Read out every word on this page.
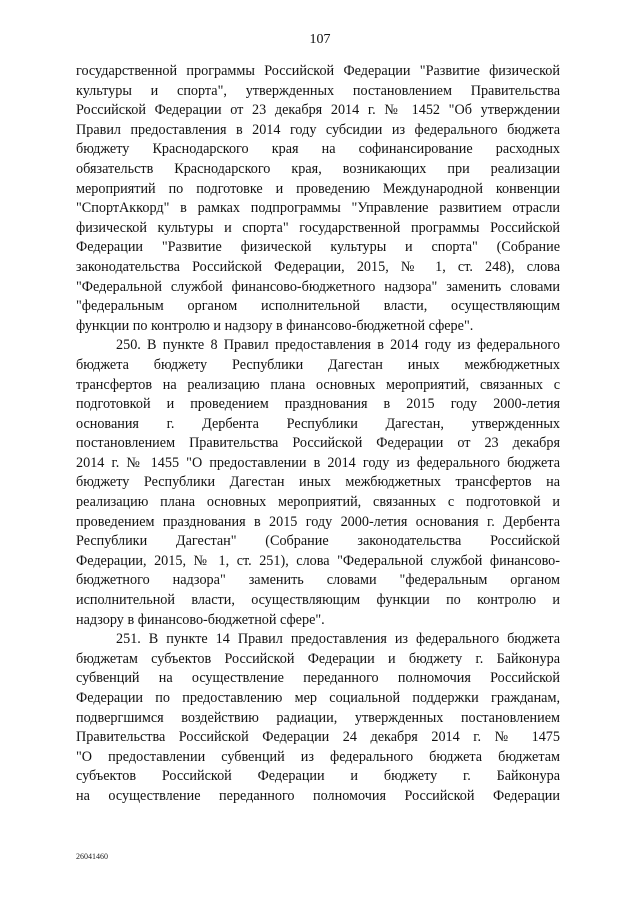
107
государственной программы Российской Федерации "Развитие физической
культуры и спорта", утвержденных постановлением Правительства
Российской Федерации от 23 декабря 2014 г. № 1452 "Об утверждении
Правил предоставления в 2014 году субсидии из федерального бюджета
бюджету Краснодарского края на софинансирование расходных
обязательств Краснодарского края, возникающих при реализации
мероприятий по подготовке и проведению Международной конвенции
"СпортАккорд" в рамках подпрограммы "Управление развитием отрасли
физической культуры и спорта" государственной программы Российской
Федерации "Развитие физической культуры и спорта" (Собрание
законодательства Российской Федерации, 2015, № 1, ст. 248), слова
"Федеральной службой финансово-бюджетного надзора" заменить словами
"федеральным органом исполнительной власти, осуществляющим
функции по контролю и надзору в финансово-бюджетной сфере".
250. В пункте 8 Правил предоставления в 2014 году из федерального
бюджета бюджету Республики Дагестан иных межбюджетных
трансфертов на реализацию плана основных мероприятий, связанных с
подготовкой и проведением празднования в 2015 году 2000-летия
основания г. Дербента Республики Дагестан, утвержденных
постановлением Правительства Российской Федерации от 23 декабря
2014 г. № 1455 "О предоставлении в 2014 году из федерального бюджета
бюджету Республики Дагестан иных межбюджетных трансфертов на
реализацию плана основных мероприятий, связанных с подготовкой и
проведением празднования в 2015 году 2000-летия основания г. Дербента
Республики Дагестан" (Собрание законодательства Российской
Федерации, 2015, № 1, ст. 251), слова "Федеральной службой финансово-
бюджетного надзора" заменить словами "федеральным органом
исполнительной власти, осуществляющим функции по контролю и
надзору в финансово-бюджетной сфере".
251. В пункте 14 Правил предоставления из федерального бюджета
бюджетам субъектов Российской Федерации и бюджету г. Байконура
субвенций на осуществление переданного полномочия Российской
Федерации по предоставлению мер социальной поддержки гражданам,
подвергшимся воздействию радиации, утвержденных постановлением
Правительства Российской Федерации 24 декабря 2014 г. № 1475
"О предоставлении субвенций из федерального бюджета бюджетам
субъектов Российской Федерации и бюджету г. Байконура
на осуществление переданного полномочия Российской Федерации
26041460
